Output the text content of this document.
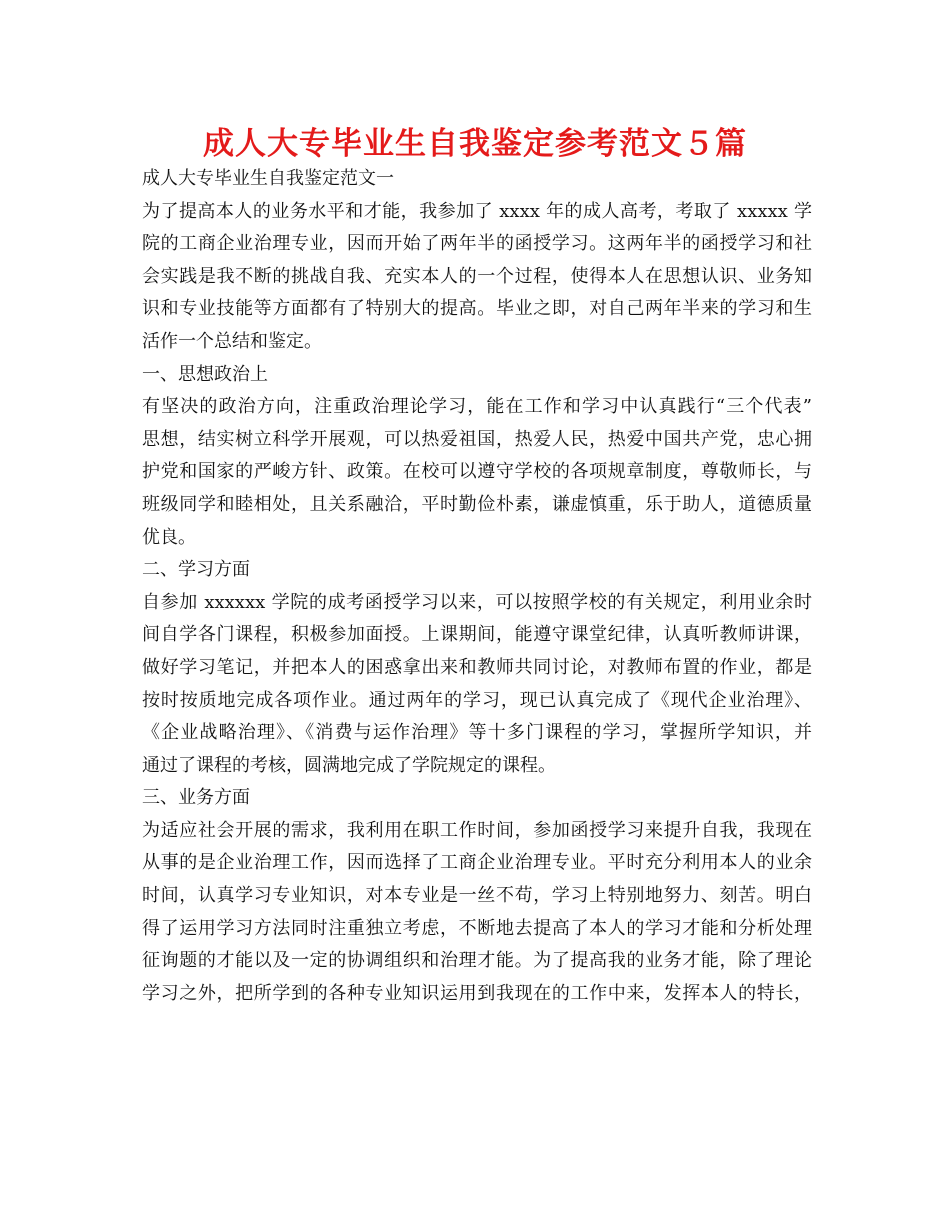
成人大专毕业生自我鉴定参考范文５篇
成人大专毕业生自我鉴定范文一
为了提高本人的业务水平和才能，我参加了 xxxx 年的成人高考，考取了 xxxxx 学
院的工商企业治理专业，因而开始了两年半的函授学习。这两年半的函授学习和社
会实践是我不断的挑战自我、充实本人的一个过程，使得本人在思想认识、业务知
识和专业技能等方面都有了特别大的提高。毕业之即，对自己两年半来的学习和生
活作一个总结和鉴定。
一、思想政治上
有坚决的政治方向，注重政治理论学习，能在工作和学习中认真践行“三个代表”
思想，结实树立科学开展观，可以热爱祖国，热爱人民，热爱中国共产党，忠心拥
护党和国家的严峻方针、政策。在校可以遵守学校的各项规章制度，尊敬师长，与
班级同学和睦相处，且关系融洽，平时勤俭朴素，谦虚慎重，乐于助人，道德质量
优良。
二、学习方面
自参加 xxxxxx 学院的成考函授学习以来，可以按照学校的有关规定，利用业余时
间自学各门课程，积极参加面授。上课期间，能遵守课堂纪律，认真听教师讲课，
做好学习笔记，并把本人的困惑拿出来和教师共同讨论，对教师布置的作业，都是
按时按质地完成各项作业。通过两年的学习，现已认真完成了《现代企业治理》、
《企业战略治理》、《消费与运作治理》等十多门课程的学习，掌握所学知识，并
通过了课程的考核，圆满地完成了学院规定的课程。
三、业务方面
为适应社会开展的需求，我利用在职工作时间，参加函授学习来提升自我，我现在
从事的是企业治理工作，因而选择了工商企业治理专业。平时充分利用本人的业余
时间，认真学习专业知识，对本专业是一丝不苟，学习上特别地努力、刻苦。明白
得了运用学习方法同时注重独立考虑，不断地去提高了本人的学习才能和分析处理
征询题的才能以及一定的协调组织和治理才能。为了提高我的业务才能，除了理论
学习之外，把所学到的各种专业知识运用到我现在的工作中来，发挥本人的特长，
